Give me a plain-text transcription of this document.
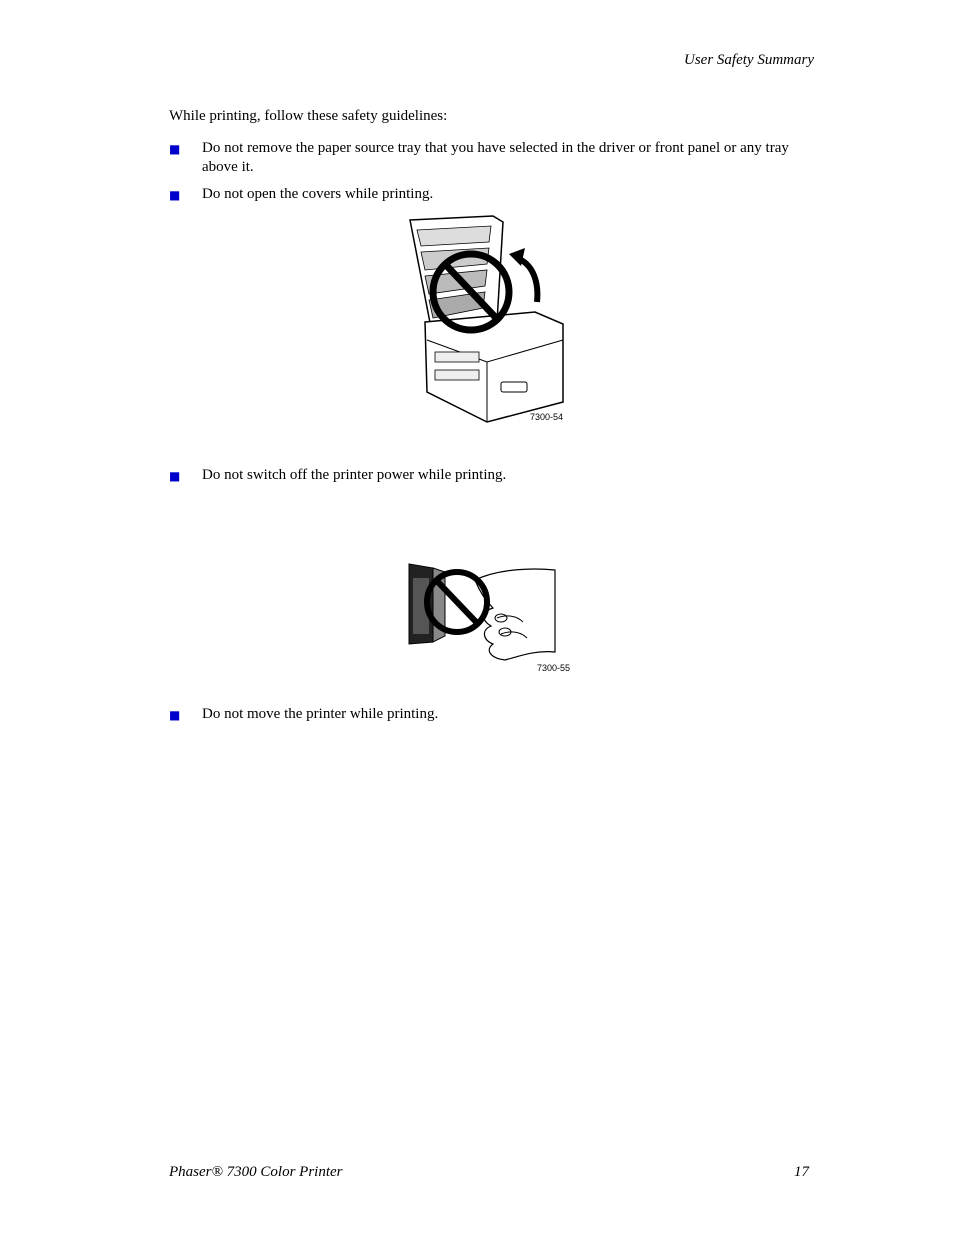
User Safety Summary
While printing, follow these safety guidelines:
■ Do not remove the paper source tray that you have selected in the driver or front panel or any tray above it.
■ Do not open the covers while printing.
7300-54
■ Do not switch off the printer power while printing.
7300-55
■ Do not move the printer while printing.
Phaser® 7300 Color Printer	17
